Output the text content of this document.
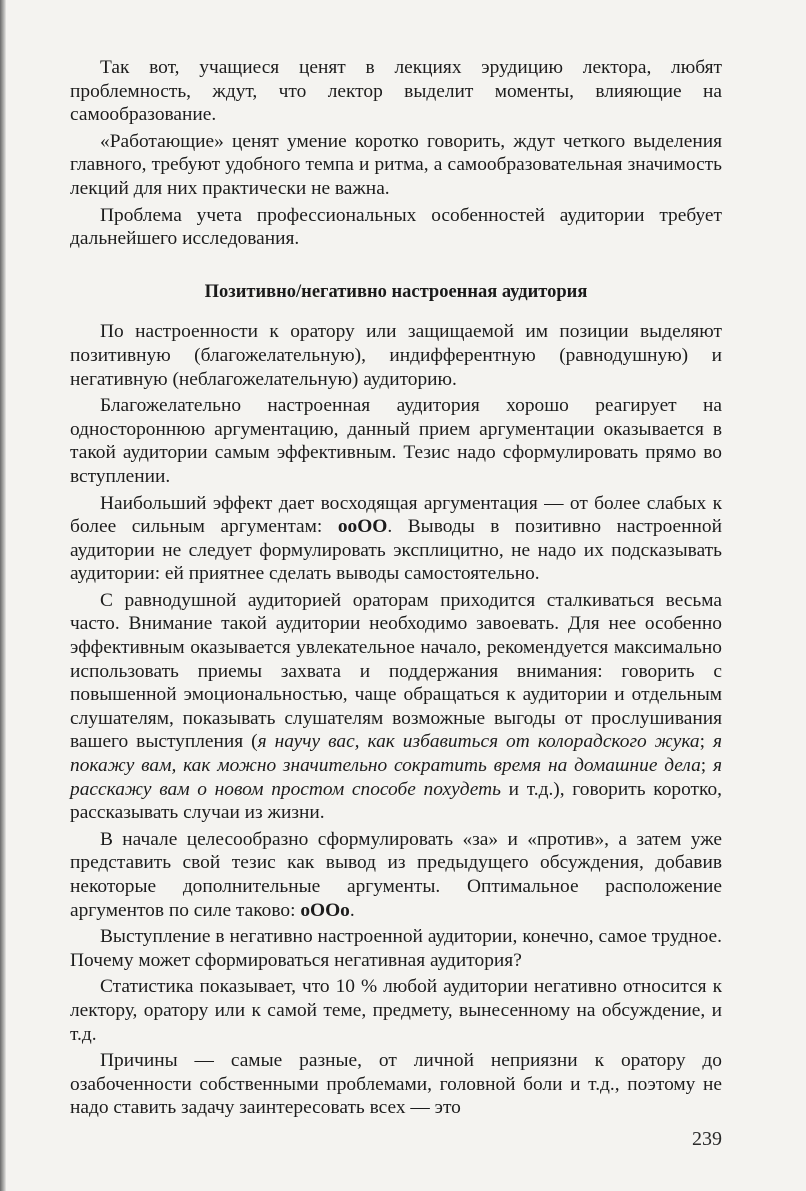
Так вот, учащиеся ценят в лекциях эрудицию лектора, любят проблемность, ждут, что лектор выделит моменты, влияющие на самообразование.

«Работающие» ценят умение коротко говорить, ждут четкого выделения главного, требуют удобного темпа и ритма, а самообразовательная значимость лекций для них практически не важна.

Проблема учета профессиональных особенностей аудитории требует дальнейшего исследования.

Позитивно/негативно настроенная аудитория

По настроенности к оратору или защищаемой им позиции выделяют позитивную (благожелательную), индифферентную (равнодушную) и негативную (неблагожелательную) аудиторию.

Благожелательно настроенная аудитория хорошо реагирует на одностороннюю аргументацию, данный прием аргументации оказывается в такой аудитории самым эффективным. Тезис надо сформулировать прямо во вступлении.

Наибольший эффект дает восходящая аргументация — от более слабых к более сильным аргументам: ooOO. Выводы в позитивно настроенной аудитории не следует формулировать эксплицитно, не надо их подсказывать аудитории: ей приятнее сделать выводы самостоятельно.

С равнодушной аудиторией ораторам приходится сталкиваться весьма часто. Внимание такой аудитории необходимо завоевать. Для нее особенно эффективным оказывается увлекательное начало, рекомендуется максимально использовать приемы захвата и поддержания внимания: говорить с повышенной эмоциональностью, чаще обращаться к аудитории и отдельным слушателям, показывать слушателям возможные выгоды от прослушивания вашего выступления (я научу вас, как избавиться от колорадского жука; я покажу вам, как можно значительно сократить время на домашние дела; я расскажу вам о новом простом способе похудеть и т.д.), говорить коротко, рассказывать случаи из жизни.

В начале целесообразно сформулировать «за» и «против», а затем уже представить свой тезис как вывод из предыдущего обсуждения, добавив некоторые дополнительные аргументы. Оптимальное расположение аргументов по силе таково: oOOo.

Выступление в негативно настроенной аудитории, конечно, самое трудное. Почему может сформироваться негативная аудитория?

Статистика показывает, что 10 % любой аудитории негативно относится к лектору, оратору или к самой теме, предмету, вынесенному на обсуждение, и т.д.

Причины — самые разные, от личной неприязни к оратору до озабоченности собственными проблемами, головной боли и т.д., поэтому не надо ставить задачу заинтересовать всех — это

239
